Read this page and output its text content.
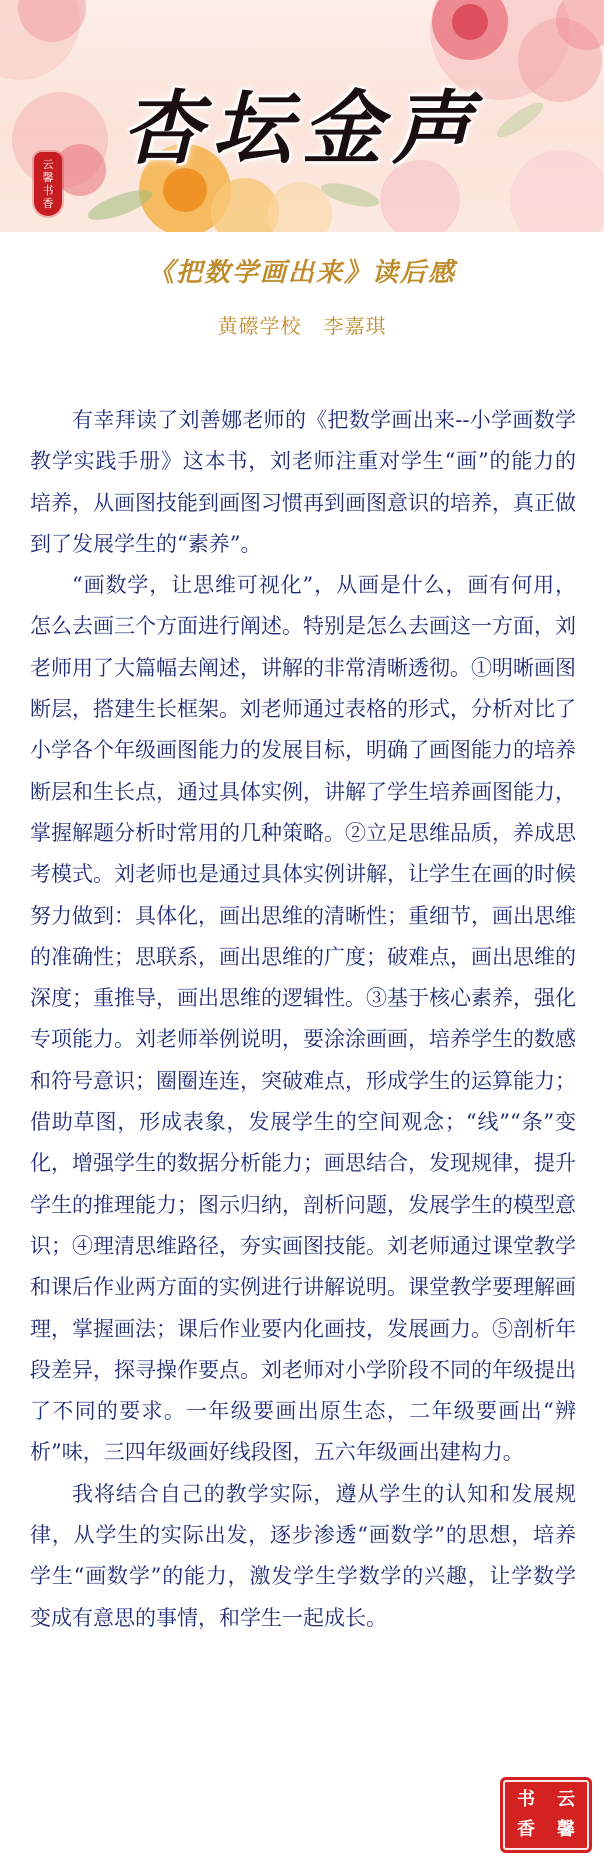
杏坛金声
云
馨
书
香
《把数学画出来》读后感
黄礤学校   李嘉琪

有幸拜读了刘善娜老师的《把数学画出来--小学画数学教学实践手册》这本书，刘老师注重对学生“画”的能力的培养，从画图技能到画图习惯再到画图意识的培养，真正做到了发展学生的“素养”。

“画数学，让思维可视化”，从画是什么，画有何用，怎么去画三个方面进行阐述。特别是怎么去画这一方面，刘老师用了大篇幅去阐述，讲解的非常清晰透彻。①明晰画图断层，搭建生长框架。刘老师通过表格的形式，分析对比了小学各个年级画图能力的发展目标，明确了画图能力的培养断层和生长点，通过具体实例，讲解了学生培养画图能力，掌握解题分析时常用的几种策略。②立足思维品质，养成思考模式。刘老师也是通过具体实例讲解，让学生在画的时候努力做到：具体化，画出思维的清晰性；重细节，画出思维的准确性；思联系，画出思维的广度；破难点，画出思维的深度；重推导，画出思维的逻辑性。③基于核心素养，强化专项能力。刘老师举例说明，要涂涂画画，培养学生的数感和符号意识；圈圈连连，突破难点，形成学生的运算能力；借助草图，形成表象，发展学生的空间观念；“线”“条”变化，增强学生的数据分析能力；画思结合，发现规律，提升学生的推理能力；图示归纳，剖析问题，发展学生的模型意识；④理清思维路径，夯实画图技能。刘老师通过课堂教学和课后作业两方面的实例进行讲解说明。课堂教学要理解画理，掌握画法；课后作业要内化画技，发展画力。⑤剖析年段差异，探寻操作要点。刘老师对小学阶段不同的年级提出了不同的要求。一年级要画出原生态，二年级要画出“辨析”味，三四年级画好线段图，五六年级画出建构力。

我将结合自己的教学实际，遵从学生的认知和发展规律，从学生的实际出发，逐步渗透“画数学”的思想，培养学生“画数学”的能力，激发学生学数学的兴趣，让学数学变成有意思的事情，和学生一起成长。

书	云
香	馨
